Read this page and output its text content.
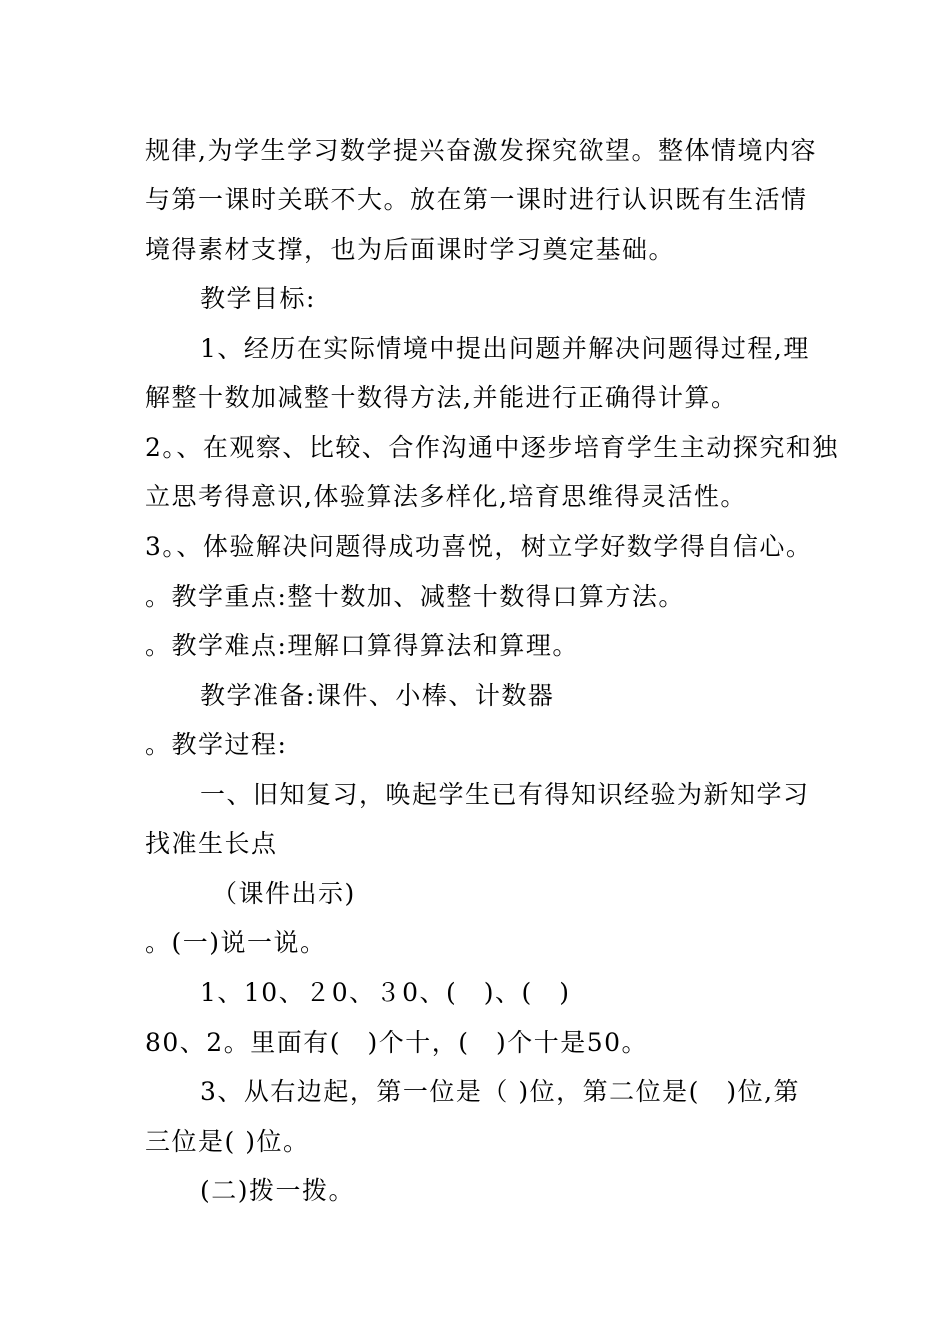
规律,为学生学习数学提兴奋激发探究欲望。整体情境内容
与第一课时关联不大。放在第一课时进行认识既有生活情
境得素材支撑，也为后面课时学习奠定基础。
教学目标:
1、经历在实际情境中提出问题并解决问题得过程,理
解整十数加减整十数得方法,并能进行正确得计算。
2。、在观察、比较、合作沟通中逐步培育学生主动探究和独
立思考得意识,体验算法多样化,培育思维得灵活性。
3。、体验解决问题得成功喜悦，树立学好数学得自信心。
。教学重点:整十数加、减整十数得口算方法。
。教学难点:理解口算得算法和算理。
教学准备:课件、小棒、计数器
。教学过程:
一、旧知复习，唤起学生已有得知识经验为新知学习
找准生长点
（课件出示)
。(一)说一说。
1、10、２0、３0、(　)、(　)
80、2。里面有(　)个十，(　)个十是50。
3、从右边起，第一位是（ )位，第二位是(　)位,第
三位是( )位。
(二)拨一拨。
